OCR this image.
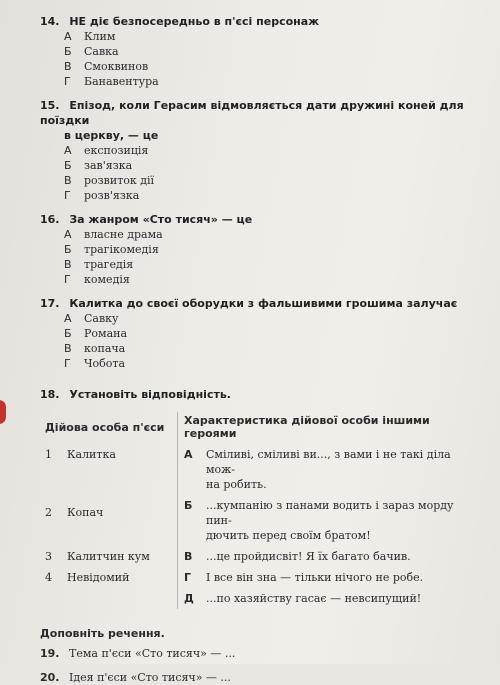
14. НЕ діє безпосередньо в п'єсі персонаж
А	Клим
Б	Савка
В	Смоквинов
Г	Банавентура
15. Епізод, коли Герасим відмовляється дати дружині коней для поїздки
в церкву, — це
А	експозиція
Б	зав'язка
В	розвиток дії
Г	розв'язка
16. За жанром «Сто тисяч» — це
А	власне драма
Б	трагікомедія
В	трагедія
Г	комедія
17. Калитка до своєї оборудки з фальшивими грошима залучає
А	Савку
Б	Романа
В	копача
Г	Чобота
18. Установіть відповідність.
Дійова особа п'єси		Характеристика дійової особи іншими героями	
1	Калитка	А	Сміливі, сміливі ви..., з вами і не такі діла мож-
на робить.
2	Копач	Б	...кумпанію з панами водить і зараз морду пин-
дючить перед своїм братом!
3	Калитчин кум	В	...це пройдисвіт! Я їх багато бачив.
4	Невідомий	Г	І все він зна — тільки нічого не робе.
		Д	...по хазяйству гасає — невсипущий!
Доповніть речення.
19. Тема п'єси «Сто тисяч» — ...
20. Ідея п'єси «Сто тисяч» — ...
